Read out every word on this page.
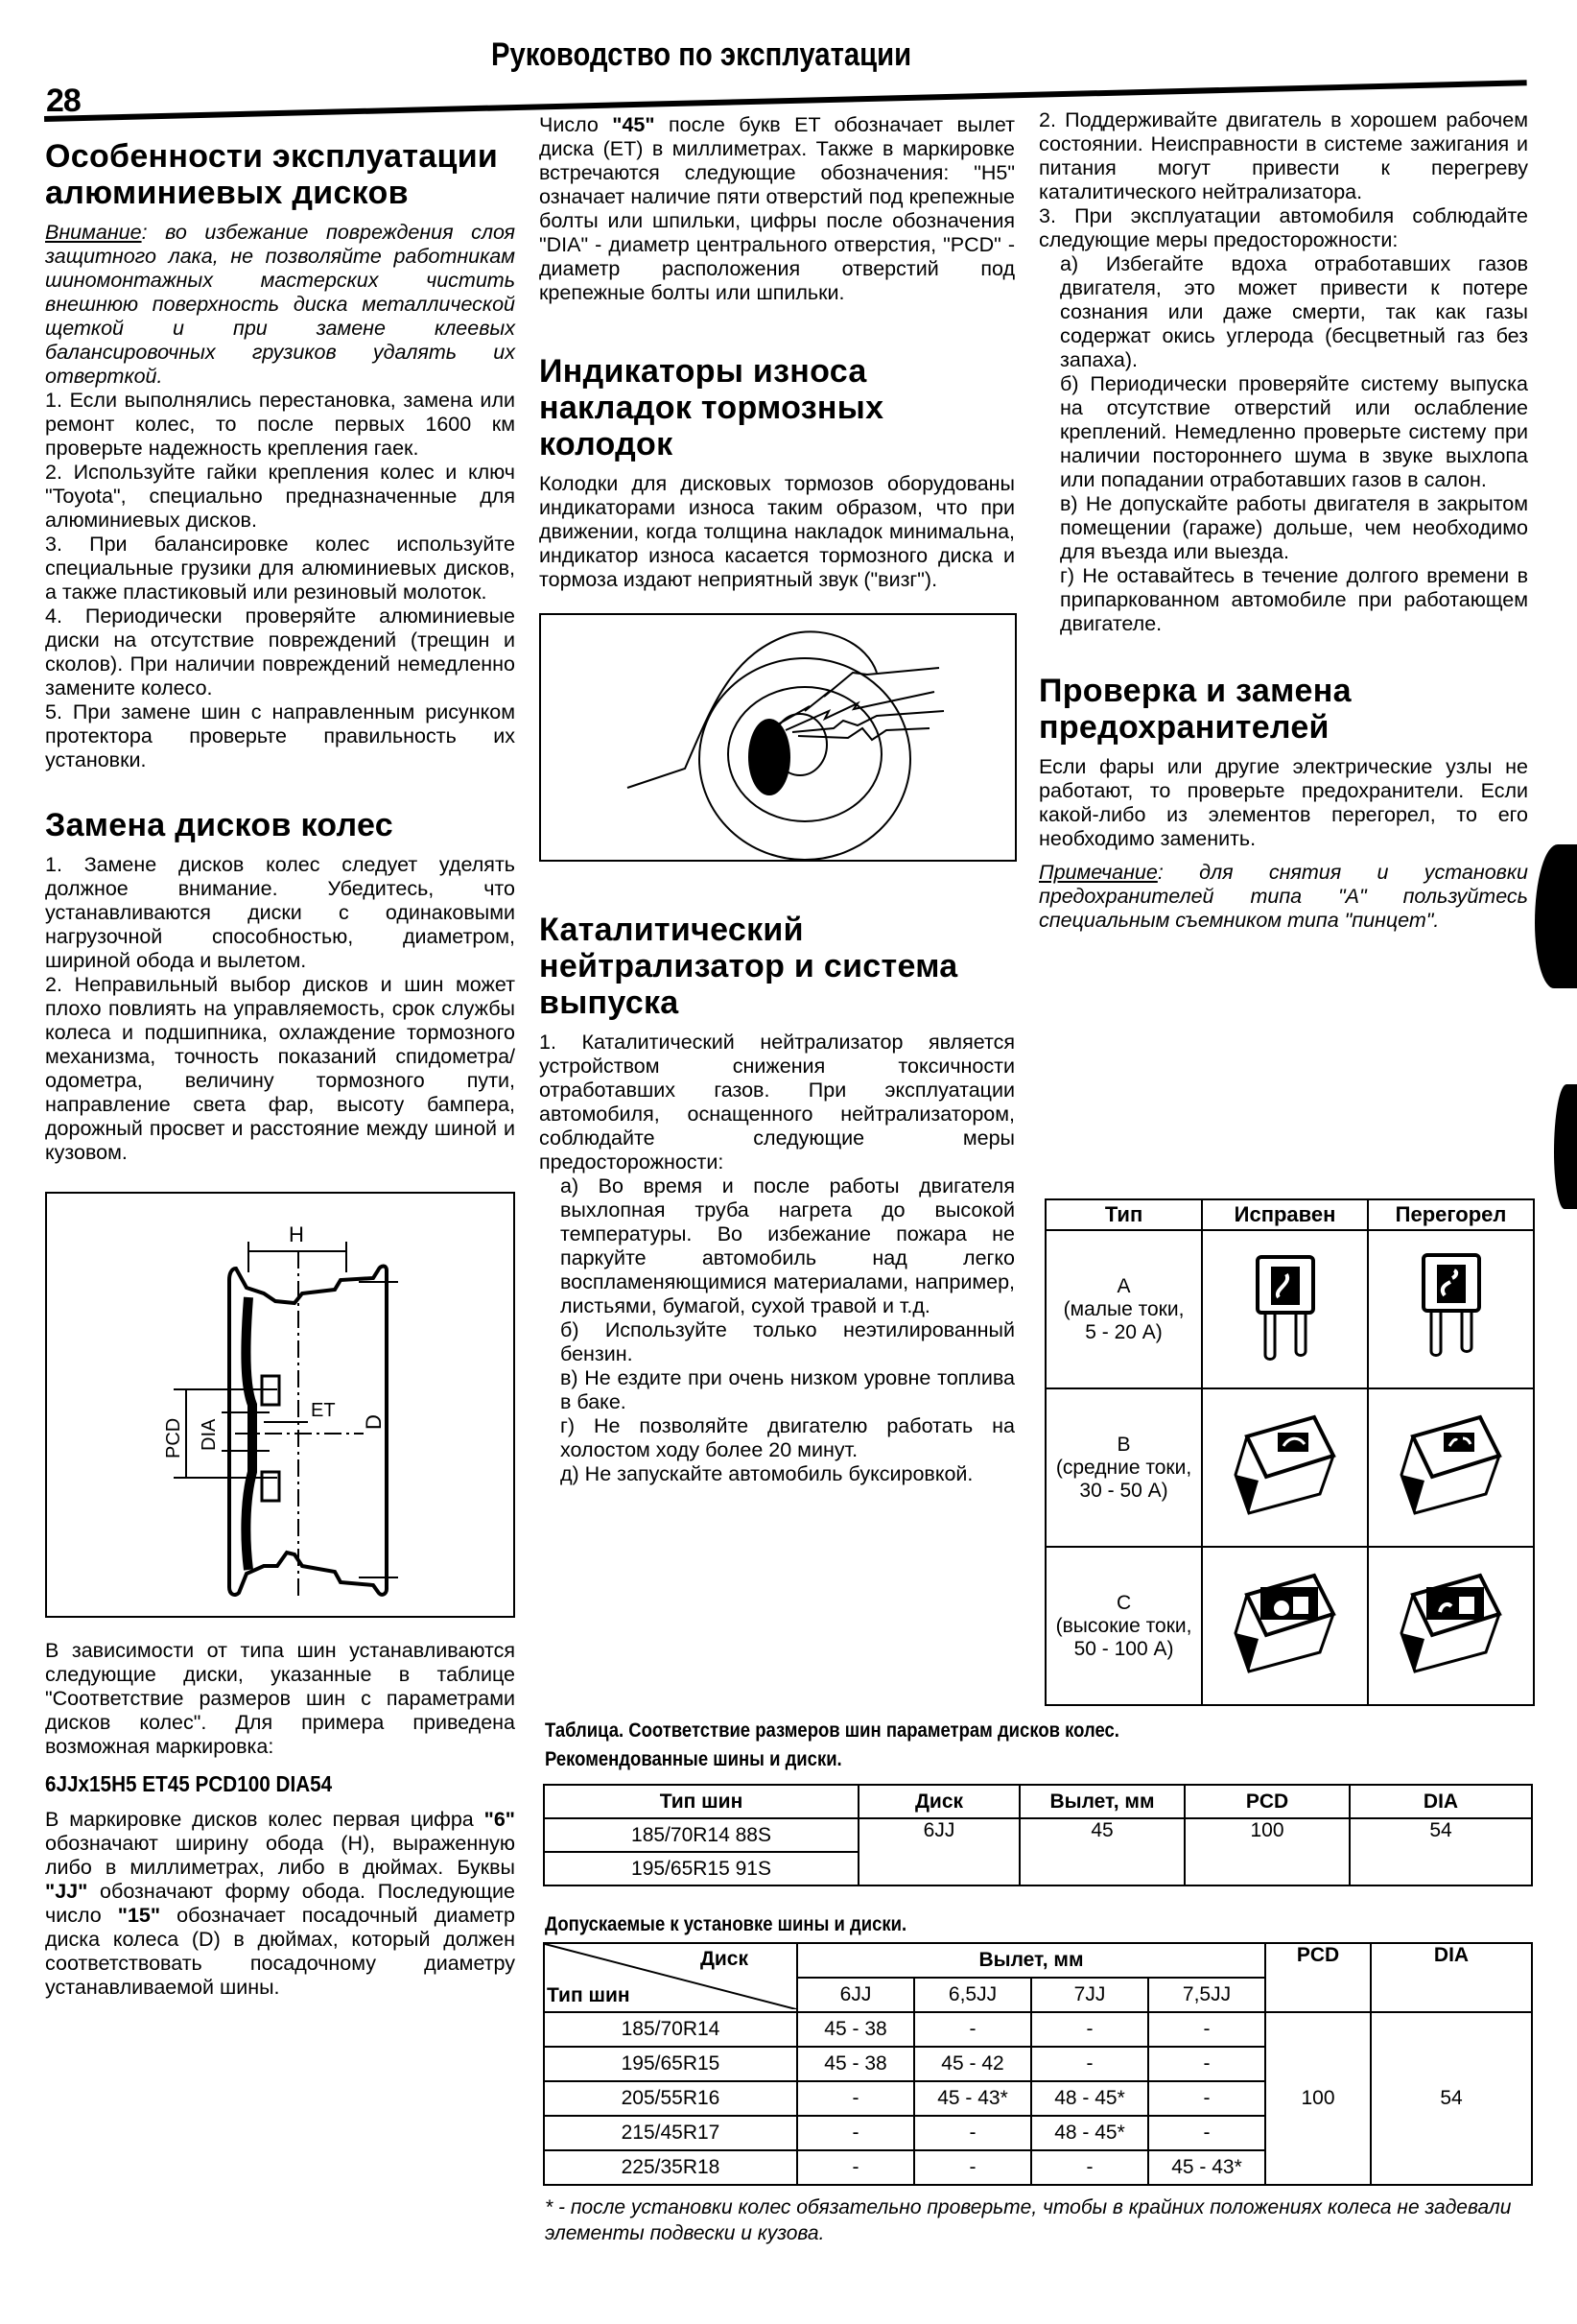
Руководство по эксплуатации
28
Особенности эксплуатации алюминиевых дисков

Внимание: во избежание повреждения слоя защитного лака, не позволяйте работникам шиномонтажных мастерских чистить внешнюю поверхность диска металлической щеткой и при замене клеевых балансировочных грузиков удалять их отверткой.

1. Если выполнялись перестановка, замена или ремонт колес, то после первых 1600 км проверьте надежность крепления гаек.

2. Используйте гайки крепления колес и ключ "Toyota", специально предназначенные для алюминиевых дисков.

3. При балансировке колес используйте специальные грузики для алюминиевых дисков, а также пластиковый или резиновый молоток.

4. Периодически проверяйте алюминиевые диски на отсутствие повреждений (трещин и сколов). При наличии повреждений немедленно замените колесо.

5. При замене шин с направленным рисунком протектора проверьте правильность их установки.

Замена дисков колес

1. Замене дисков колес следует уделять должное внимание. Убедитесь, что устанавливаются диски с одинаковыми нагрузочной способностью, диаметром, шириной обода и вылетом.

2. Неправильный выбор дисков и шин может плохо повлиять на управляемость, срок службы колеса и подшипника, охлаждение тормозного механизма, точность показаний спидометра/одометра, величину тормозного пути, направление света фар, высоту бампера, дорожный просвет и расстояние между шиной и кузовом.

H
D
PCD DIA
ET

В зависимости от типа шин устанавливаются следующие диски, указанные в таблице "Соответствие размеров шин с параметрами дисков колес". Для примера приведена возможная маркировка:

6JJx15H5 ET45 PCD100 DIA54

В маркировке дисков колес первая цифра "6" обозначают ширину обода (H), выраженную либо в миллиметрах, либо в дюймах. Буквы "JJ" обозначают форму обода. Последующие число "15" обозначает посадочный диаметр диска колеса (D) в дюймах, который должен соответствовать посадочному диаметру устанавливаемой шины.

Число "45" после букв ET обозначает вылет диска (ET) в миллиметрах. Также в маркировке встречаются следующие обозначения: "H5" означает наличие пяти отверстий под крепежные болты или шпильки, цифры после обозначения "DIA" - диаметр центрального отверстия, "PCD" - диаметр расположения отверстий под крепежные болты или шпильки.

Индикаторы износа накладок тормозных колодок

Колодки для дисковых тормозов оборудованы индикаторами износа таким образом, что при движении, когда толщина накладок минимальна, индикатор износа касается тормозного диска и тормоза издают неприятный звук ("визг").

Каталитический нейтрализатор и система выпуска

1. Каталитический нейтрализатор является устройством снижения токсичности отработавших газов. При эксплуатации автомобиля, оснащенного нейтрализатором, соблюдайте следующие меры предосторожности:

а) Во время и после работы двигателя выхлопная труба нагрета до высокой температуры. Во избежание пожара не паркуйте автомобиль над легко воспламеняющимися материалами, например, листьями, бумагой, сухой травой и т.д.

б) Используйте только неэтилированный бензин.

в) Не ездите при очень низком уровне топлива в баке.

г) Не позволяйте двигателю работать на холостом ходу более 20 минут.

д) Не запускайте автомобиль буксировкой.

2. Поддерживайте двигатель в хорошем рабочем состоянии. Неисправности в системе зажигания и питания могут привести к перегреву каталитического нейтрализатора.

3. При эксплуатации автомобиля соблюдайте следующие меры предосторожности:

а) Избегайте вдоха отработавших газов двигателя, это может привести к потере сознания или даже смерти, так как газы содержат окись углерода (бесцветный газ без запаха).

б) Периодически проверяйте систему выпуска на отсутствие отверстий или ослабление креплений. Немедленно проверьте систему при наличии постороннего шума в звуке выхлопа или попадании отработавших газов в салон.

в) Не допускайте работы двигателя в закрытом помещении (гараже) дольше, чем необходимо для въезда или выезда.

г) Не оставайтесь в течение долгого времени в припаркованном автомобиле при работающем двигателе.

Проверка и замена предохранителей

Если фары или другие электрические узлы не работают, то проверьте предохранители. Если какой-либо из элементов перегорел, то его необходимо заменить.

Примечание: для снятия и установки предохранителей типа "A" пользуйтесь специальным съемником типа "пинцет".

Тип	Исправен	Перегорел

A
(малые токи,
5 - 20 А)

B
(средние токи,
30 - 50 А)

C
(высокие токи,
50 - 100 А)

Таблица. Соответствие размеров шин параметрам дисков колес.
Рекомендованные шины и диски.
Тип шин	Диск	Вылет, мм	PCD	DIA
185/70R14 88S	6JJ	45	100	54
195/65R15 91S				
Допускаемые к установке шины и диски.
Диск
Тип шин	Вылет, мм				PCD	DIA
	6JJ	6,5JJ	7JJ	7,5JJ		
185/70R14	45 - 38	-	-	-	100	54
195/65R15	45 - 38	45 - 42	-	-		
205/55R16	-	45 - 43*	48 - 45*	-		
215/45R17	-	-	48 - 45*	-		
225/35R18	-	-	-	45 - 43*		
* - после установки колес обязательно проверьте, чтобы в крайних положениях колеса не задевали элементы подвески и кузова.
